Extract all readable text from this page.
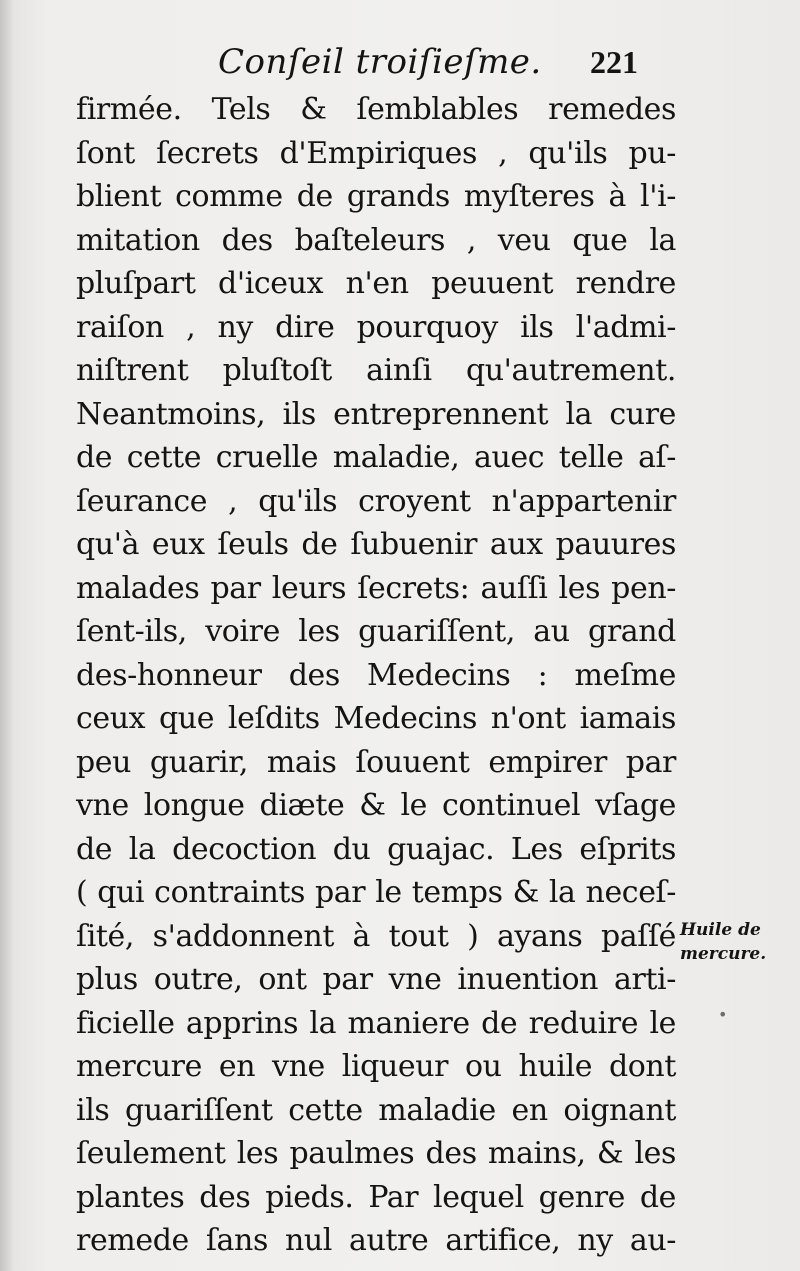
Conſeil troiſieſme. 221
firmée. Tels & ſemblables remedes
ſont ſecrets d'Empiriques , qu'ils pu-
blient comme de grands myſteres à l'i-
mitation des baſteleurs , veu que la
pluſpart d'iceux n'en peuuent rendre
raiſon , ny dire pourquoy ils l'admi-
niſtrent pluſtoſt ainſi qu'autrement.
Neantmoins, ils entreprennent la cure
de cette cruelle maladie, auec telle aſ-
ſeurance , qu'ils croyent n'appartenir
qu'à eux ſeuls de ſubuenir aux pauures
malades par leurs ſecrets: auſſi les pen-
ſent-ils, voire les guariſſent, au grand
des-honneur des Medecins : meſme
ceux que leſdits Medecins n'ont iamais
peu guarir, mais ſouuent empirer par
vne longue diæte & le continuel vſage
de la decoction du guajac. Les eſprits
( qui contraints par le temps & la neceſ-
ſité, s'addonnent à tout ) ayans paſſé
plus outre, ont par vne inuention arti-
ficielle apprins la maniere de reduire le
mercure en vne liqueur ou huile dont
ils guariſſent cette maladie en oignant
ſeulement les paulmes des mains, & les
plantes des pieds. Par lequel genre de
remede ſans nul autre artifice, ny au-
Huile de
mercure.
•
